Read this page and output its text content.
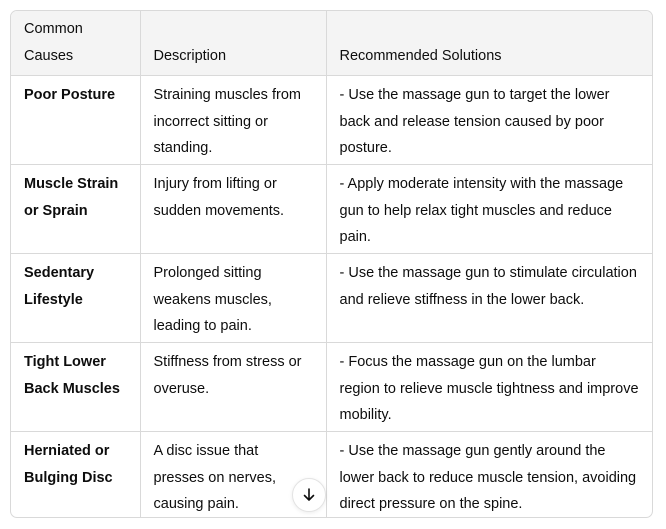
Common Causes	Description	Recommended Solutions
Poor Posture	Straining muscles from incorrect sitting or standing.	- Use the massage gun to target the lower back and release tension caused by poor posture.
Muscle Strain or Sprain	Injury from lifting or sudden movements.	- Apply moderate intensity with the massage gun to help relax tight muscles and reduce pain.
Sedentary Lifestyle	Prolonged sitting weakens muscles, leading to pain.	- Use the massage gun to stimulate circulation and relieve stiffness in the lower back.
Tight Lower Back Muscles	Stiffness from stress or overuse.	- Focus the massage gun on the lumbar region to relieve muscle tightness and improve mobility.
Herniated or Bulging Disc	A disc issue that presses on nerves, causing pain.	- Use the massage gun gently around the lower back to reduce muscle tension, avoiding direct pressure on the spine.
